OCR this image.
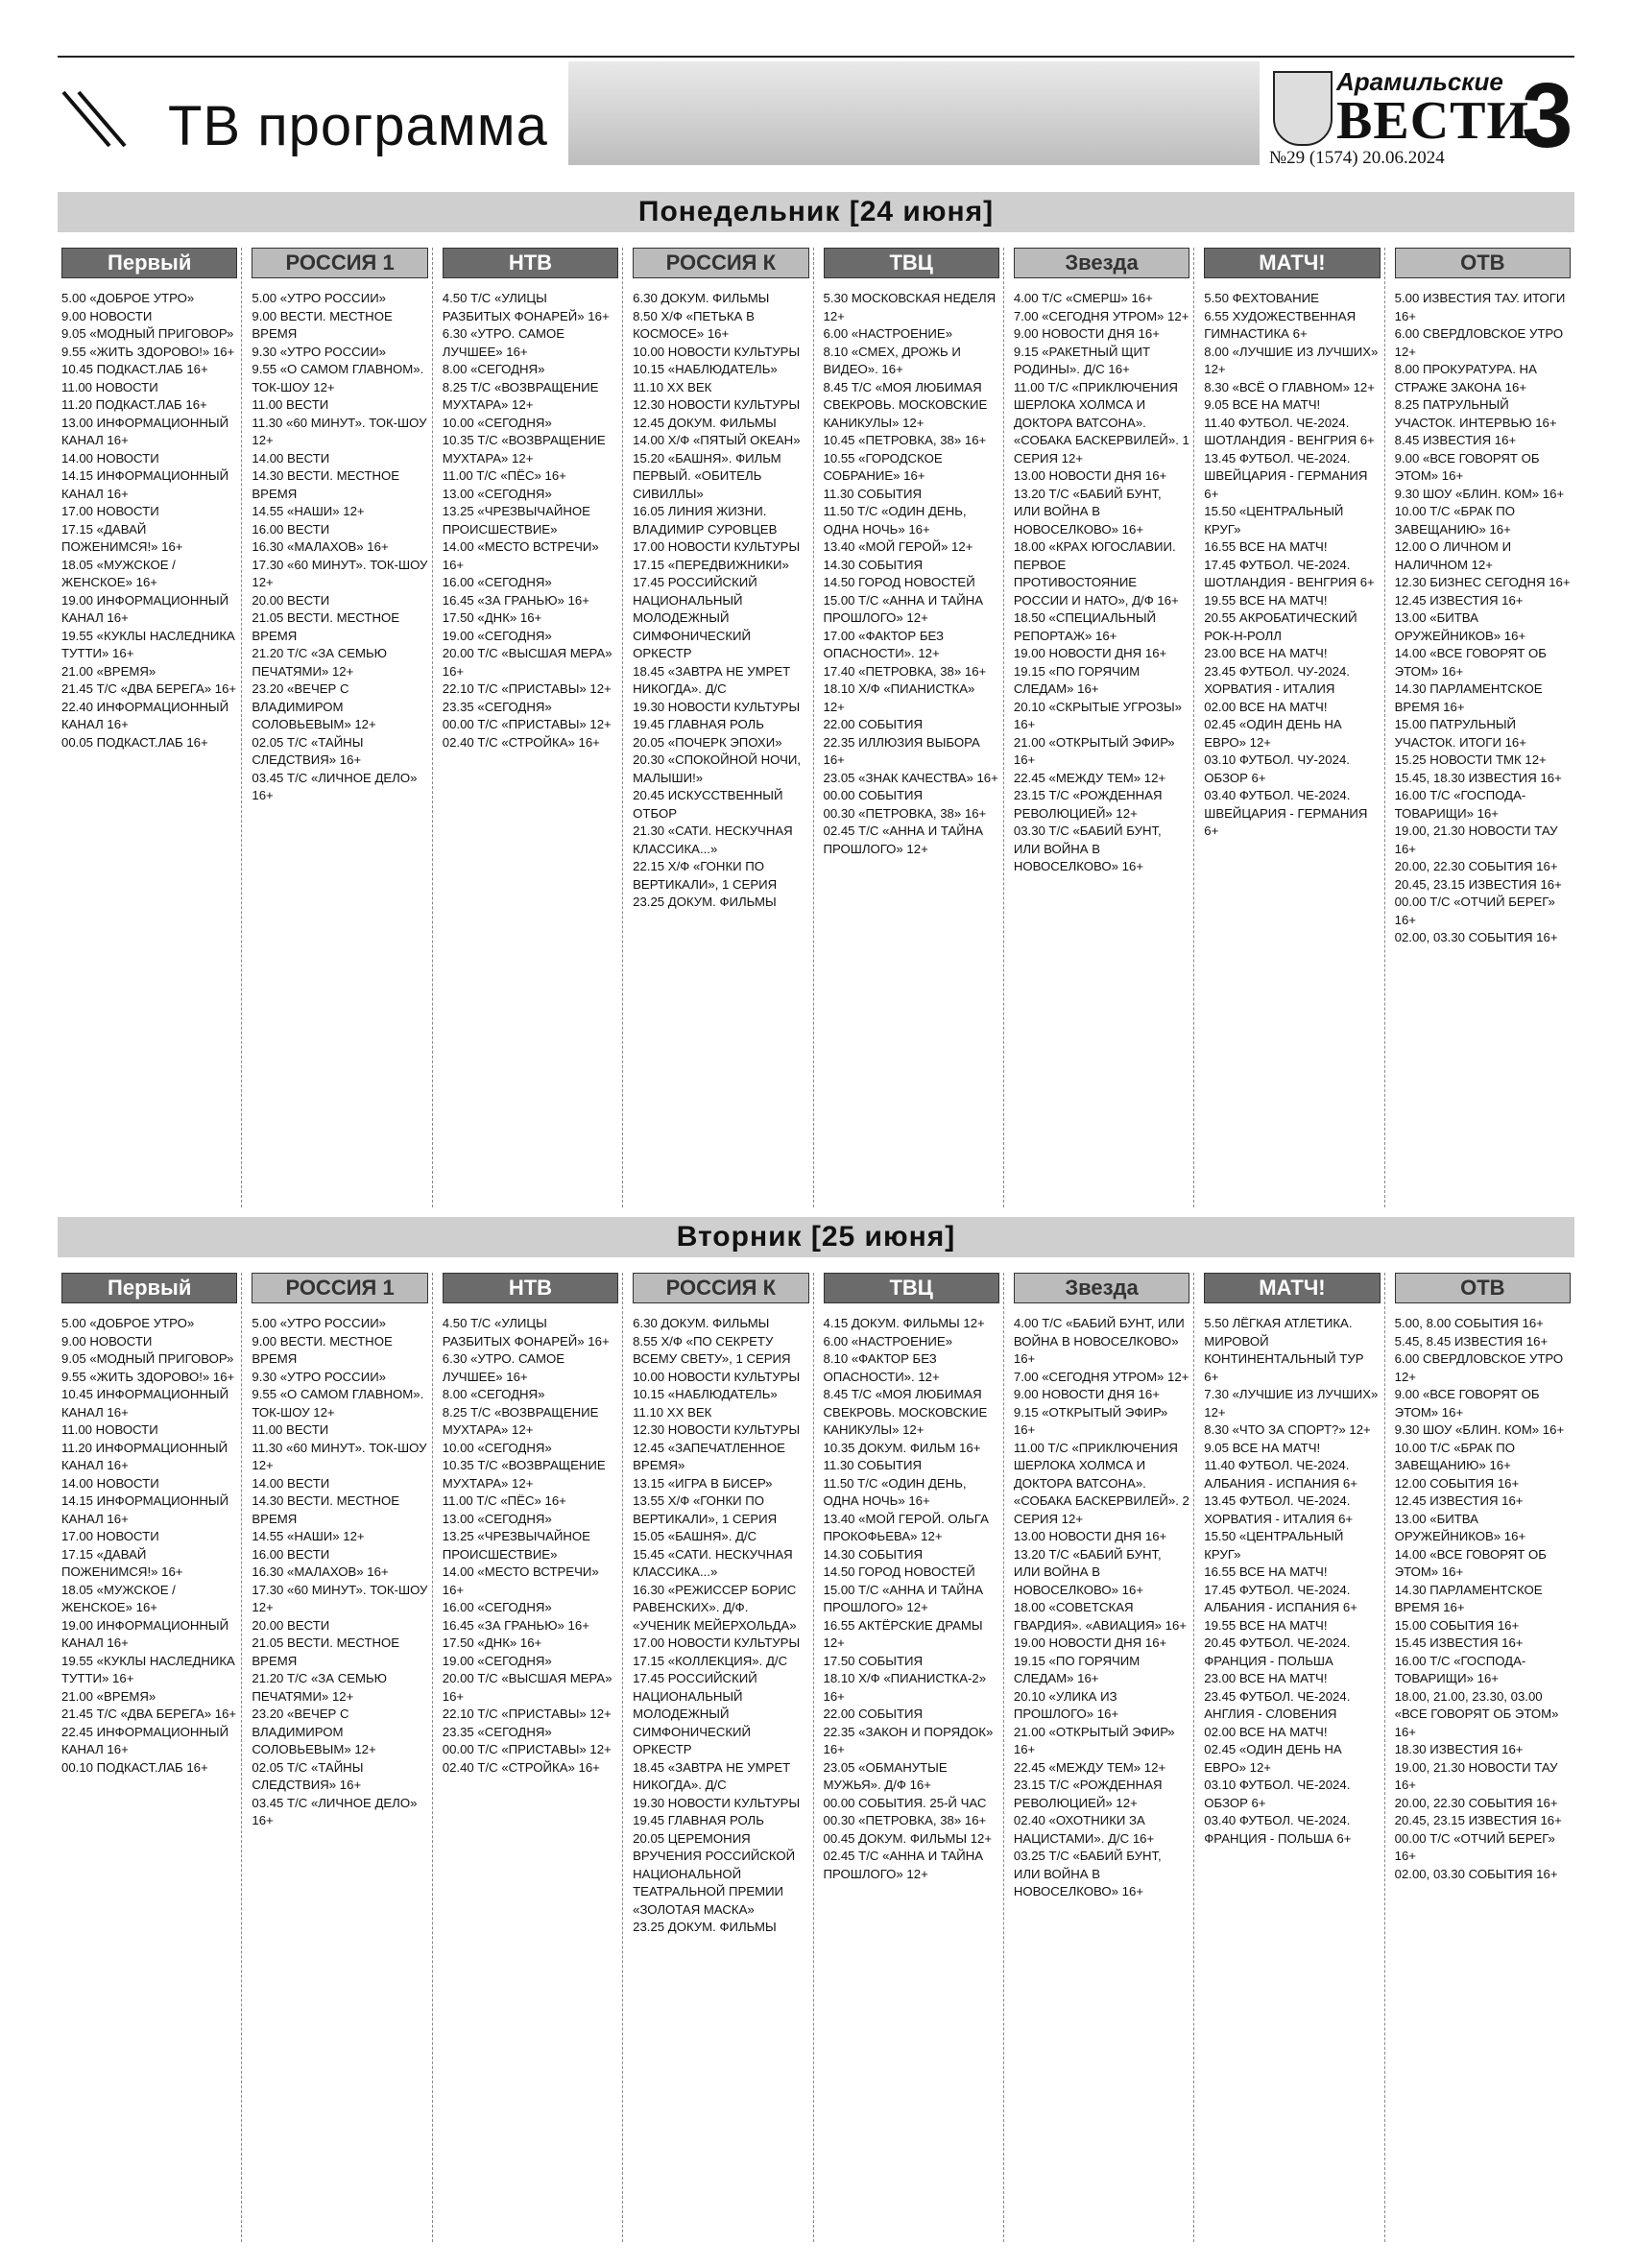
ТВ программа
Арамильские
ВЕСТИ
№29 (1574) 20.06.2024 3
Понедельник [24 июня]
Первый
5.00 «ДОБРОЕ УТРО»
9.00 НОВОСТИ
9.05 «МОДНЫЙ ПРИГОВОР»
9.55 «ЖИТЬ ЗДОРОВО!» 16+
10.45 ПОДКАСТ.ЛАБ 16+
11.00 НОВОСТИ
11.20 ПОДКАСТ.ЛАБ 16+
13.00 ИНФОРМАЦИОННЫЙ КАНАЛ 16+
14.00 НОВОСТИ
14.15 ИНФОРМАЦИОННЫЙ КАНАЛ 16+
17.00 НОВОСТИ
17.15 «ДАВАЙ ПОЖЕНИМСЯ!» 16+
18.05 «МУЖСКОЕ / ЖЕНСКОЕ» 16+
19.00 ИНФОРМАЦИОННЫЙ КАНАЛ 16+
19.55 «КУКЛЫ НАСЛЕДНИКА ТУТТИ» 16+
21.00 «ВРЕМЯ»
21.45 Т/С «ДВА БЕРЕГА» 16+
22.40 ИНФОРМАЦИОННЫЙ КАНАЛ 16+
00.05 ПОДКАСТ.ЛАБ 16+
РОССИЯ 1
5.00 «УТРО РОССИИ»
9.00 ВЕСТИ. МЕСТНОЕ ВРЕМЯ
9.30 «УТРО РОССИИ»
9.55 «О САМОМ ГЛАВНОМ». ТОК-ШОУ 12+
11.00 ВЕСТИ
11.30 «60 МИНУТ». ТОК-ШОУ 12+
14.00 ВЕСТИ
14.30 ВЕСТИ. МЕСТНОЕ ВРЕМЯ
14.55 «НАШИ» 12+
16.00 ВЕСТИ
16.30 «МАЛАХОВ» 16+
17.30 «60 МИНУТ». ТОК-ШОУ 12+
20.00 ВЕСТИ
21.05 ВЕСТИ. МЕСТНОЕ ВРЕМЯ
21.20 Т/С «ЗА СЕМЬЮ ПЕЧАТЯМИ» 12+
23.20 «ВЕЧЕР С ВЛАДИМИРОМ СОЛОВЬЕВЫМ» 12+
02.05 Т/С «ТАЙНЫ СЛЕДСТВИЯ» 16+
03.45 Т/С «ЛИЧНОЕ ДЕЛО» 16+
НТВ
4.50 Т/С «УЛИЦЫ РАЗБИТЫХ ФОНАРЕЙ» 16+
6.30 «УТРО. САМОЕ ЛУЧШЕЕ» 16+
8.00 «СЕГОДНЯ»
8.25 Т/С «ВОЗВРАЩЕНИЕ МУХТАРА» 12+
10.00 «СЕГОДНЯ»
10.35 Т/С «ВОЗВРАЩЕНИЕ МУХТАРА» 12+
11.00 Т/С «ПЁС» 16+
13.00 «СЕГОДНЯ»
13.25 «ЧРЕЗВЫЧАЙНОЕ ПРОИСШЕСТВИЕ»
14.00 «МЕСТО ВСТРЕЧИ» 16+
16.00 «СЕГОДНЯ»
16.45 «ЗА ГРАНЬЮ» 16+
17.50 «ДНК» 16+
19.00 «СЕГОДНЯ»
20.00 Т/С «ВЫСШАЯ МЕРА» 16+
22.10 Т/С «ПРИСТАВЫ» 12+
23.35 «СЕГОДНЯ»
00.00 Т/С «ПРИСТАВЫ» 12+
02.40 Т/С «СТРОЙКА» 16+
РОССИЯ К
6.30 ДОКУМ. ФИЛЬМЫ
8.50 Х/Ф «ПЕТЬКА В КОСМОСЕ» 16+
10.00 НОВОСТИ КУЛЬТУРЫ
10.15 «НАБЛЮДАТЕЛЬ»
11.10 ХХ ВЕК
12.30 НОВОСТИ КУЛЬТУРЫ
12.45 ДОКУМ. ФИЛЬМЫ
14.00 Х/Ф «ПЯТЫЙ ОКЕАН»
15.20 «БАШНЯ». ФИЛЬМ ПЕРВЫЙ. «ОБИТЕЛЬ СИВИЛЛЫ»
16.05 ЛИНИЯ ЖИЗНИ. ВЛАДИМИР СУРОВЦЕВ
17.00 НОВОСТИ КУЛЬТУРЫ
17.15 «ПЕРЕДВИЖНИКИ»
17.45 РОССИЙСКИЙ НАЦИОНАЛЬНЫЙ МОЛОДЕЖНЫЙ СИМФОНИЧЕСКИЙ ОРКЕСТР
18.45 «ЗАВТРА НЕ УМРЕТ НИКОГДА». Д/С
19.30 НОВОСТИ КУЛЬТУРЫ
19.45 ГЛАВНАЯ РОЛЬ
20.05 «ПОЧЕРК ЭПОХИ»
20.30 «СПОКОЙНОЙ НОЧИ, МАЛЫШИ!»
20.45 ИСКУССТВЕННЫЙ ОТБОР
21.30 «САТИ. НЕСКУЧНАЯ КЛАССИКА...»
22.15 Х/Ф «ГОНКИ ПО ВЕРТИКАЛИ», 1 СЕРИЯ
23.25 ДОКУМ. ФИЛЬМЫ
ТВЦ
5.30 МОСКОВСКАЯ НЕДЕЛЯ 12+
6.00 «НАСТРОЕНИЕ»
8.10 «СМЕХ, ДРОЖЬ И ВИДЕО». 16+
8.45 Т/С «МОЯ ЛЮБИМАЯ СВЕКРОВЬ. МОСКОВСКИЕ КАНИКУЛЫ» 12+
10.45 «ПЕТРОВКА, 38» 16+
10.55 «ГОРОДСКОЕ СОБРАНИЕ» 16+
11.30 СОБЫТИЯ
11.50 Т/С «ОДИН ДЕНЬ, ОДНА НОЧЬ» 16+
13.40 «МОЙ ГЕРОЙ» 12+
14.30 СОБЫТИЯ
14.50 ГОРОД НОВОСТЕЙ
15.00 Т/С «АННА И ТАЙНА ПРОШЛОГО» 12+
17.00 «ФАКТОР БЕЗ ОПАСНОСТИ». 12+
17.40 «ПЕТРОВКА, 38» 16+
18.10 Х/Ф «ПИАНИСТКА» 12+
22.00 СОБЫТИЯ
22.35 ИЛЛЮЗИЯ ВЫБОРА 16+
23.05 «ЗНАК КАЧЕСТВА» 16+
00.00 СОБЫТИЯ
00.30 «ПЕТРОВКА, 38» 16+
02.45 Т/С «АННА И ТАЙНА ПРОШЛОГО» 12+
Звезда
4.00 Т/С «СМЕРШ» 16+
7.00 «СЕГОДНЯ УТРОМ» 12+
9.00 НОВОСТИ ДНЯ 16+
9.15 «РАКЕТНЫЙ ЩИТ РОДИНЫ». Д/С 16+
11.00 Т/С «ПРИКЛЮЧЕНИЯ ШЕРЛОКА ХОЛМСА И ДОКТОРА ВАТСОНА». «СОБАКА БАСКЕРВИЛЕЙ». 1 СЕРИЯ 12+
13.00 НОВОСТИ ДНЯ 16+
13.20 Т/С «БАБИЙ БУНТ, ИЛИ ВОЙНА В НОВОСЕЛКОВО» 16+
18.00 «КРАХ ЮГОСЛАВИИ. ПЕРВОЕ ПРОТИВОСТОЯНИЕ РОССИИ И НАТО», Д/Ф 16+
18.50 «СПЕЦИАЛЬНЫЙ РЕПОРТАЖ» 16+
19.00 НОВОСТИ ДНЯ 16+
19.15 «ПО ГОРЯЧИМ СЛЕДАМ» 16+
20.10 «СКРЫТЫЕ УГРОЗЫ» 16+
21.00 «ОТКРЫТЫЙ ЭФИР» 16+
22.45 «МЕЖДУ ТЕМ» 12+
23.15 Т/С «РОЖДЕННАЯ РЕВОЛЮЦИЕЙ» 12+
03.30 Т/С «БАБИЙ БУНТ, ИЛИ ВОЙНА В НОВОСЕЛКОВО» 16+
МАТЧ!
5.50 ФЕХТОВАНИЕ
6.55 ХУДОЖЕСТВЕННАЯ ГИМНАСТИКА 6+
8.00 «ЛУЧШИЕ ИЗ ЛУЧШИХ» 12+
8.30 «ВСЁ О ГЛАВНОМ» 12+
9.05 ВСЕ НА МАТЧ!
11.40 ФУТБОЛ. ЧЕ-2024. ШОТЛАНДИЯ - ВЕНГРИЯ 6+
13.45 ФУТБОЛ. ЧЕ-2024. ШВЕЙЦАРИЯ - ГЕРМАНИЯ 6+
15.50 «ЦЕНТРАЛЬНЫЙ КРУГ»
16.55 ВСЕ НА МАТЧ!
17.45 ФУТБОЛ. ЧЕ-2024. ШОТЛАНДИЯ - ВЕНГРИЯ 6+
19.55 ВСЕ НА МАТЧ!
20.55 АКРОБАТИЧЕСКИЙ РОК-Н-РОЛЛ
23.00 ВСЕ НА МАТЧ!
23.45 ФУТБОЛ. ЧУ-2024. ХОРВАТИЯ - ИТАЛИЯ
02.00 ВСЕ НА МАТЧ!
02.45 «ОДИН ДЕНЬ НА ЕВРО» 12+
03.10 ФУТБОЛ. ЧУ-2024. ОБЗОР 6+
03.40 ФУТБОЛ. ЧЕ-2024. ШВЕЙЦАРИЯ - ГЕРМАНИЯ 6+
ОТВ
5.00 ИЗВЕСТИЯ ТАУ. ИТОГИ 16+
6.00 СВЕРДЛОВСКОЕ УТРО 12+
8.00 ПРОКУРАТУРА. НА СТРАЖЕ ЗАКОНА 16+
8.25 ПАТРУЛЬНЫЙ УЧАСТОК. ИНТЕРВЬЮ 16+
8.45 ИЗВЕСТИЯ 16+
9.00 «ВСЕ ГОВОРЯТ ОБ ЭТОМ» 16+
9.30 ШОУ «БЛИН. КОМ» 16+
10.00 Т/С «БРАК ПО ЗАВЕЩАНИЮ» 16+
12.00 О ЛИЧНОМ И НАЛИЧНОМ 12+
12.30 БИЗНЕС СЕГОДНЯ 16+
12.45 ИЗВЕСТИЯ 16+
13.00 «БИТВА ОРУЖЕЙНИКОВ» 16+
14.00 «ВСЕ ГОВОРЯТ ОБ ЭТОМ» 16+
14.30 ПАРЛАМЕНТСКОЕ ВРЕМЯ 16+
15.00 ПАТРУЛЬНЫЙ УЧАСТОК. ИТОГИ 16+
15.25 НОВОСТИ ТМК 12+
15.45, 18.30 ИЗВЕСТИЯ 16+
16.00 Т/С «ГОСПОДА-ТОВАРИЩИ» 16+
19.00, 21.30 НОВОСТИ ТАУ 16+
20.00, 22.30 СОБЫТИЯ 16+
20.45, 23.15 ИЗВЕСТИЯ 16+
00.00 Т/С «ОТЧИЙ БЕРЕГ» 16+
02.00, 03.30 СОБЫТИЯ 16+
Вторник [25 июня]
Первый
5.00 «ДОБРОЕ УТРО»
9.00 НОВОСТИ
9.05 «МОДНЫЙ ПРИГОВОР»
9.55 «ЖИТЬ ЗДОРОВО!» 16+
10.45 ИНФОРМАЦИОННЫЙ КАНАЛ 16+
11.00 НОВОСТИ
11.20 ИНФОРМАЦИОННЫЙ КАНАЛ 16+
14.00 НОВОСТИ
14.15 ИНФОРМАЦИОННЫЙ КАНАЛ 16+
17.00 НОВОСТИ
17.15 «ДАВАЙ ПОЖЕНИМСЯ!» 16+
18.05 «МУЖСКОЕ / ЖЕНСКОЕ» 16+
19.00 ИНФОРМАЦИОННЫЙ КАНАЛ 16+
19.55 «КУКЛЫ НАСЛЕДНИКА ТУТТИ» 16+
21.00 «ВРЕМЯ»
21.45 Т/С «ДВА БЕРЕГА» 16+
22.45 ИНФОРМАЦИОННЫЙ КАНАЛ 16+
00.10 ПОДКАСТ.ЛАБ 16+
РОССИЯ 1
5.00 «УТРО РОССИИ»
9.00 ВЕСТИ. МЕСТНОЕ ВРЕМЯ
9.30 «УТРО РОССИИ»
9.55 «О САМОМ ГЛАВНОМ». ТОК-ШОУ 12+
11.00 ВЕСТИ
11.30 «60 МИНУТ». ТОК-ШОУ 12+
14.00 ВЕСТИ
14.30 ВЕСТИ. МЕСТНОЕ ВРЕМЯ
14.55 «НАШИ» 12+
16.00 ВЕСТИ
16.30 «МАЛАХОВ» 16+
17.30 «60 МИНУТ». ТОК-ШОУ 12+
20.00 ВЕСТИ
21.05 ВЕСТИ. МЕСТНОЕ ВРЕМЯ
21.20 Т/С «ЗА СЕМЬЮ ПЕЧАТЯМИ» 12+
23.20 «ВЕЧЕР С ВЛАДИМИРОМ СОЛОВЬЕВЫМ» 12+
02.05 Т/С «ТАЙНЫ СЛЕДСТВИЯ» 16+
03.45 Т/С «ЛИЧНОЕ ДЕЛО» 16+
НТВ
4.50 Т/С «УЛИЦЫ РАЗБИТЫХ ФОНАРЕЙ» 16+
6.30 «УТРО. САМОЕ ЛУЧШЕЕ» 16+
8.00 «СЕГОДНЯ»
8.25 Т/С «ВОЗВРАЩЕНИЕ МУХТАРА» 12+
10.00 «СЕГОДНЯ»
10.35 Т/С «ВОЗВРАЩЕНИЕ МУХТАРА» 12+
11.00 Т/С «ПЁС» 16+
13.00 «СЕГОДНЯ»
13.25 «ЧРЕЗВЫЧАЙНОЕ ПРОИСШЕСТВИЕ»
14.00 «МЕСТО ВСТРЕЧИ» 16+
16.00 «СЕГОДНЯ»
16.45 «ЗА ГРАНЬЮ» 16+
17.50 «ДНК» 16+
19.00 «СЕГОДНЯ»
20.00 Т/С «ВЫСШАЯ МЕРА» 16+
22.10 Т/С «ПРИСТАВЫ» 12+
23.35 «СЕГОДНЯ»
00.00 Т/С «ПРИСТАВЫ» 12+
02.40 Т/С «СТРОЙКА» 16+
РОССИЯ К
6.30 ДОКУМ. ФИЛЬМЫ
8.55 Х/Ф «ПО СЕКРЕТУ ВСЕМУ СВЕТУ», 1 СЕРИЯ
10.00 НОВОСТИ КУЛЬТУРЫ
10.15 «НАБЛЮДАТЕЛЬ»
11.10 ХХ ВЕК
12.30 НОВОСТИ КУЛЬТУРЫ
12.45 «ЗАПЕЧАТЛЕННОЕ ВРЕМЯ»
13.15 «ИГРА В БИСЕР»
13.55 Х/Ф «ГОНКИ ПО ВЕРТИКАЛИ», 1 СЕРИЯ
15.05 «БАШНЯ». Д/С
15.45 «САТИ. НЕСКУЧНАЯ КЛАССИКА...»
16.30 «РЕЖИССЕР БОРИС РАВЕНСКИХ». Д/Ф. «УЧЕНИК МЕЙЕРХОЛЬДА»
17.00 НОВОСТИ КУЛЬТУРЫ
17.15 «КОЛЛЕКЦИЯ». Д/С
17.45 РОССИЙСКИЙ НАЦИОНАЛЬНЫЙ МОЛОДЕЖНЫЙ СИМФОНИЧЕСКИЙ ОРКЕСТР
18.45 «ЗАВТРА НЕ УМРЕТ НИКОГДА». Д/С
19.30 НОВОСТИ КУЛЬТУРЫ
19.45 ГЛАВНАЯ РОЛЬ
20.05 ЦЕРЕМОНИЯ ВРУЧЕНИЯ РОССИЙСКОЙ НАЦИОНАЛЬНОЙ ТЕАТРАЛЬНОЙ ПРЕМИИ «ЗОЛОТАЯ МАСКА»
23.25 ДОКУМ. ФИЛЬМЫ
ТВЦ
4.15 ДОКУМ. ФИЛЬМЫ 12+
6.00 «НАСТРОЕНИЕ»
8.10 «ФАКТОР БЕЗ ОПАСНОСТИ». 12+
8.45 Т/С «МОЯ ЛЮБИМАЯ СВЕКРОВЬ. МОСКОВСКИЕ КАНИКУЛЫ» 12+
10.35 ДОКУМ. ФИЛЬМ 16+
11.30 СОБЫТИЯ
11.50 Т/С «ОДИН ДЕНЬ, ОДНА НОЧЬ» 16+
13.40 «МОЙ ГЕРОЙ. ОЛЬГА ПРОКОФЬЕВА» 12+
14.30 СОБЫТИЯ
14.50 ГОРОД НОВОСТЕЙ
15.00 Т/С «АННА И ТАЙНА ПРОШЛОГО» 12+
16.55 АКТЁРСКИЕ ДРАМЫ 12+
17.50 СОБЫТИЯ
18.10 Х/Ф «ПИАНИСТКА-2» 16+
22.00 СОБЫТИЯ
22.35 «ЗАКОН И ПОРЯДОК» 16+
23.05 «ОБМАНУТЫЕ МУЖЬЯ». Д/Ф 16+
00.00 СОБЫТИЯ. 25-Й ЧАС
00.30 «ПЕТРОВКА, 38» 16+
00.45 ДОКУМ. ФИЛЬМЫ 12+
02.45 Т/С «АННА И ТАЙНА ПРОШЛОГО» 12+
Звезда
4.00 Т/С «БАБИЙ БУНТ, ИЛИ ВОЙНА В НОВОСЕЛКОВО» 16+
7.00 «СЕГОДНЯ УТРОМ» 12+
9.00 НОВОСТИ ДНЯ 16+
9.15 «ОТКРЫТЫЙ ЭФИР» 16+
11.00 Т/С «ПРИКЛЮЧЕНИЯ ШЕРЛОКА ХОЛМСА И ДОКТОРА ВАТСОНА». «СОБАКА БАСКЕРВИЛЕЙ». 2 СЕРИЯ 12+
13.00 НОВОСТИ ДНЯ 16+
13.20 Т/С «БАБИЙ БУНТ, ИЛИ ВОЙНА В НОВОСЕЛКОВО» 16+
18.00 «СОВЕТСКАЯ ГВАРДИЯ». «АВИАЦИЯ» 16+
19.00 НОВОСТИ ДНЯ 16+
19.15 «ПО ГОРЯЧИМ СЛЕДАМ» 16+
20.10 «УЛИКА ИЗ ПРОШЛОГО» 16+
21.00 «ОТКРЫТЫЙ ЭФИР» 16+
22.45 «МЕЖДУ ТЕМ» 12+
23.15 Т/С «РОЖДЕННАЯ РЕВОЛЮЦИЕЙ» 12+
02.40 «ОХОТНИКИ ЗА НАЦИСТАМИ». Д/С 16+
03.25 Т/С «БАБИЙ БУНТ, ИЛИ ВОЙНА В НОВОСЕЛКОВО» 16+
МАТЧ!
5.50 ЛЁГКАЯ АТЛЕТИКА. МИРОВОЙ КОНТИНЕНТАЛЬНЫЙ ТУР 6+
7.30 «ЛУЧШИЕ ИЗ ЛУЧШИХ» 12+
8.30 «ЧТО ЗА СПОРТ?» 12+
9.05 ВСЕ НА МАТЧ!
11.40 ФУТБОЛ. ЧЕ-2024. АЛБАНИЯ - ИСПАНИЯ 6+
13.45 ФУТБОЛ. ЧЕ-2024. ХОРВАТИЯ - ИТАЛИЯ 6+
15.50 «ЦЕНТРАЛЬНЫЙ КРУГ»
16.55 ВСЕ НА МАТЧ!
17.45 ФУТБОЛ. ЧЕ-2024. АЛБАНИЯ - ИСПАНИЯ 6+
19.55 ВСЕ НА МАТЧ!
20.45 ФУТБОЛ. ЧЕ-2024. ФРАНЦИЯ - ПОЛЬША
23.00 ВСЕ НА МАТЧ!
23.45 ФУТБОЛ. ЧЕ-2024. АНГЛИЯ - СЛОВЕНИЯ
02.00 ВСЕ НА МАТЧ!
02.45 «ОДИН ДЕНЬ НА ЕВРО» 12+
03.10 ФУТБОЛ. ЧЕ-2024. ОБЗОР 6+
03.40 ФУТБОЛ. ЧЕ-2024. ФРАНЦИЯ - ПОЛЬША 6+
ОТВ
5.00, 8.00 СОБЫТИЯ 16+
5.45, 8.45 ИЗВЕСТИЯ 16+
6.00 СВЕРДЛОВСКОЕ УТРО 12+
9.00 «ВСЕ ГОВОРЯТ ОБ ЭТОМ» 16+
9.30 ШОУ «БЛИН. КОМ» 16+
10.00 Т/С «БРАК ПО ЗАВЕЩАНИЮ» 16+
12.00 СОБЫТИЯ 16+
12.45 ИЗВЕСТИЯ 16+
13.00 «БИТВА ОРУЖЕЙНИКОВ» 16+
14.00 «ВСЕ ГОВОРЯТ ОБ ЭТОМ» 16+
14.30 ПАРЛАМЕНТСКОЕ ВРЕМЯ 16+
15.00 СОБЫТИЯ 16+
15.45 ИЗВЕСТИЯ 16+
16.00 Т/С «ГОСПОДА-ТОВАРИЩИ» 16+
18.00, 21.00, 23.30, 03.00 «ВСЕ ГОВОРЯТ ОБ ЭТОМ» 16+
18.30 ИЗВЕСТИЯ 16+
19.00, 21.30 НОВОСТИ ТАУ 16+
20.00, 22.30 СОБЫТИЯ 16+
20.45, 23.15 ИЗВЕСТИЯ 16+
00.00 Т/С «ОТЧИЙ БЕРЕГ» 16+
02.00, 03.30 СОБЫТИЯ 16+
